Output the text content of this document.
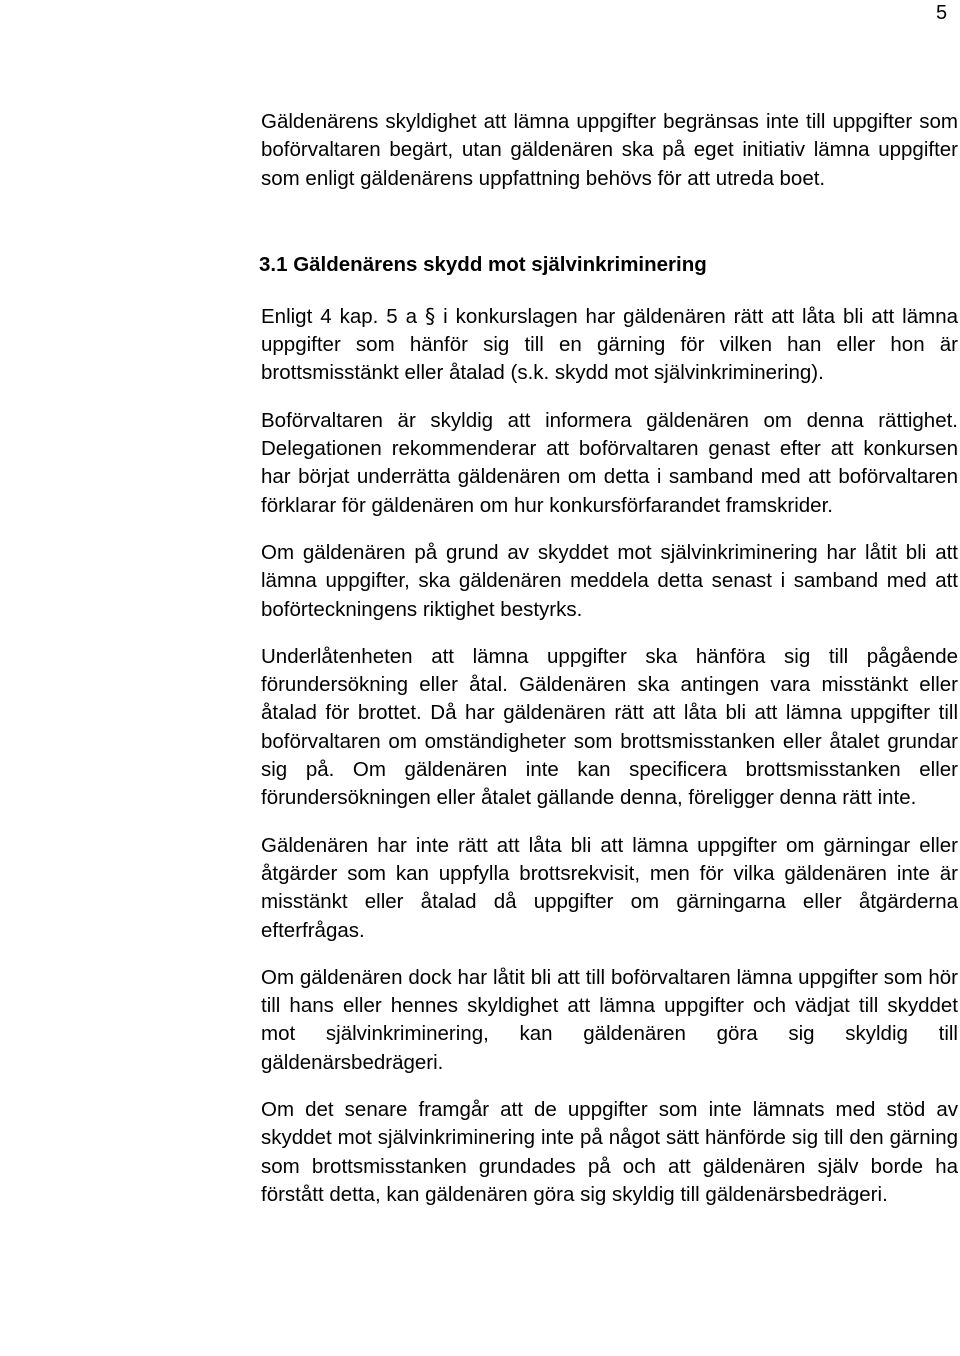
5

Gäldenärens skyldighet att lämna uppgifter begränsas inte till uppgifter som boförvaltaren begärt, utan gäldenären ska på eget initiativ lämna uppgifter som enligt gäldenärens uppfattning behövs för att utreda boet.

3.1 Gäldenärens skydd mot självinkriminering

Enligt 4 kap. 5 a § i konkurslagen har gäldenären rätt att låta bli att lämna uppgifter som hänför sig till en gärning för vilken han eller hon är brottsmisstänkt eller åtalad (s.k. skydd mot självinkriminering).

Boförvaltaren är skyldig att informera gäldenären om denna rättighet. Delegationen rekommenderar att boförvaltaren genast efter att konkursen har börjat underrätta gäldenären om detta i samband med att boförvaltaren förklarar för gäldenären om hur konkursförfarandet framskrider.

Om gäldenären på grund av skyddet mot självinkriminering har låtit bli att lämna uppgifter, ska gäldenären meddela detta senast i samband med att boförteckningens riktighet bestyrks.

Underlåtenheten att lämna uppgifter ska hänföra sig till pågående förundersökning eller åtal. Gäldenären ska antingen vara misstänkt eller åtalad för brottet. Då har gäldenären rätt att låta bli att lämna uppgifter till boförvaltaren om omständigheter som brottsmisstanken eller åtalet grundar sig på. Om gäldenären inte kan specificera brottsmisstanken eller förundersökningen eller åtalet gällande denna, föreligger denna rätt inte.

Gäldenären har inte rätt att låta bli att lämna uppgifter om gärningar eller åtgärder som kan uppfylla brottsrekvisit, men för vilka gäldenären inte är misstänkt eller åtalad då uppgifter om gärningarna eller åtgärderna efterfrågas.

Om gäldenären dock har låtit bli att till boförvaltaren lämna uppgifter som hör till hans eller hennes skyldighet att lämna uppgifter och vädjat till skyddet mot självinkriminering, kan gäldenären göra sig skyldig till gäldenärsbedrägeri.

Om det senare framgår att de uppgifter som inte lämnats med stöd av skyddet mot självinkriminering inte på något sätt hänförde sig till den gärning som brottsmisstanken grundades på och att gäldenären själv borde ha förstått detta, kan gäldenären göra sig skyldig till gäldenärsbedrägeri.
